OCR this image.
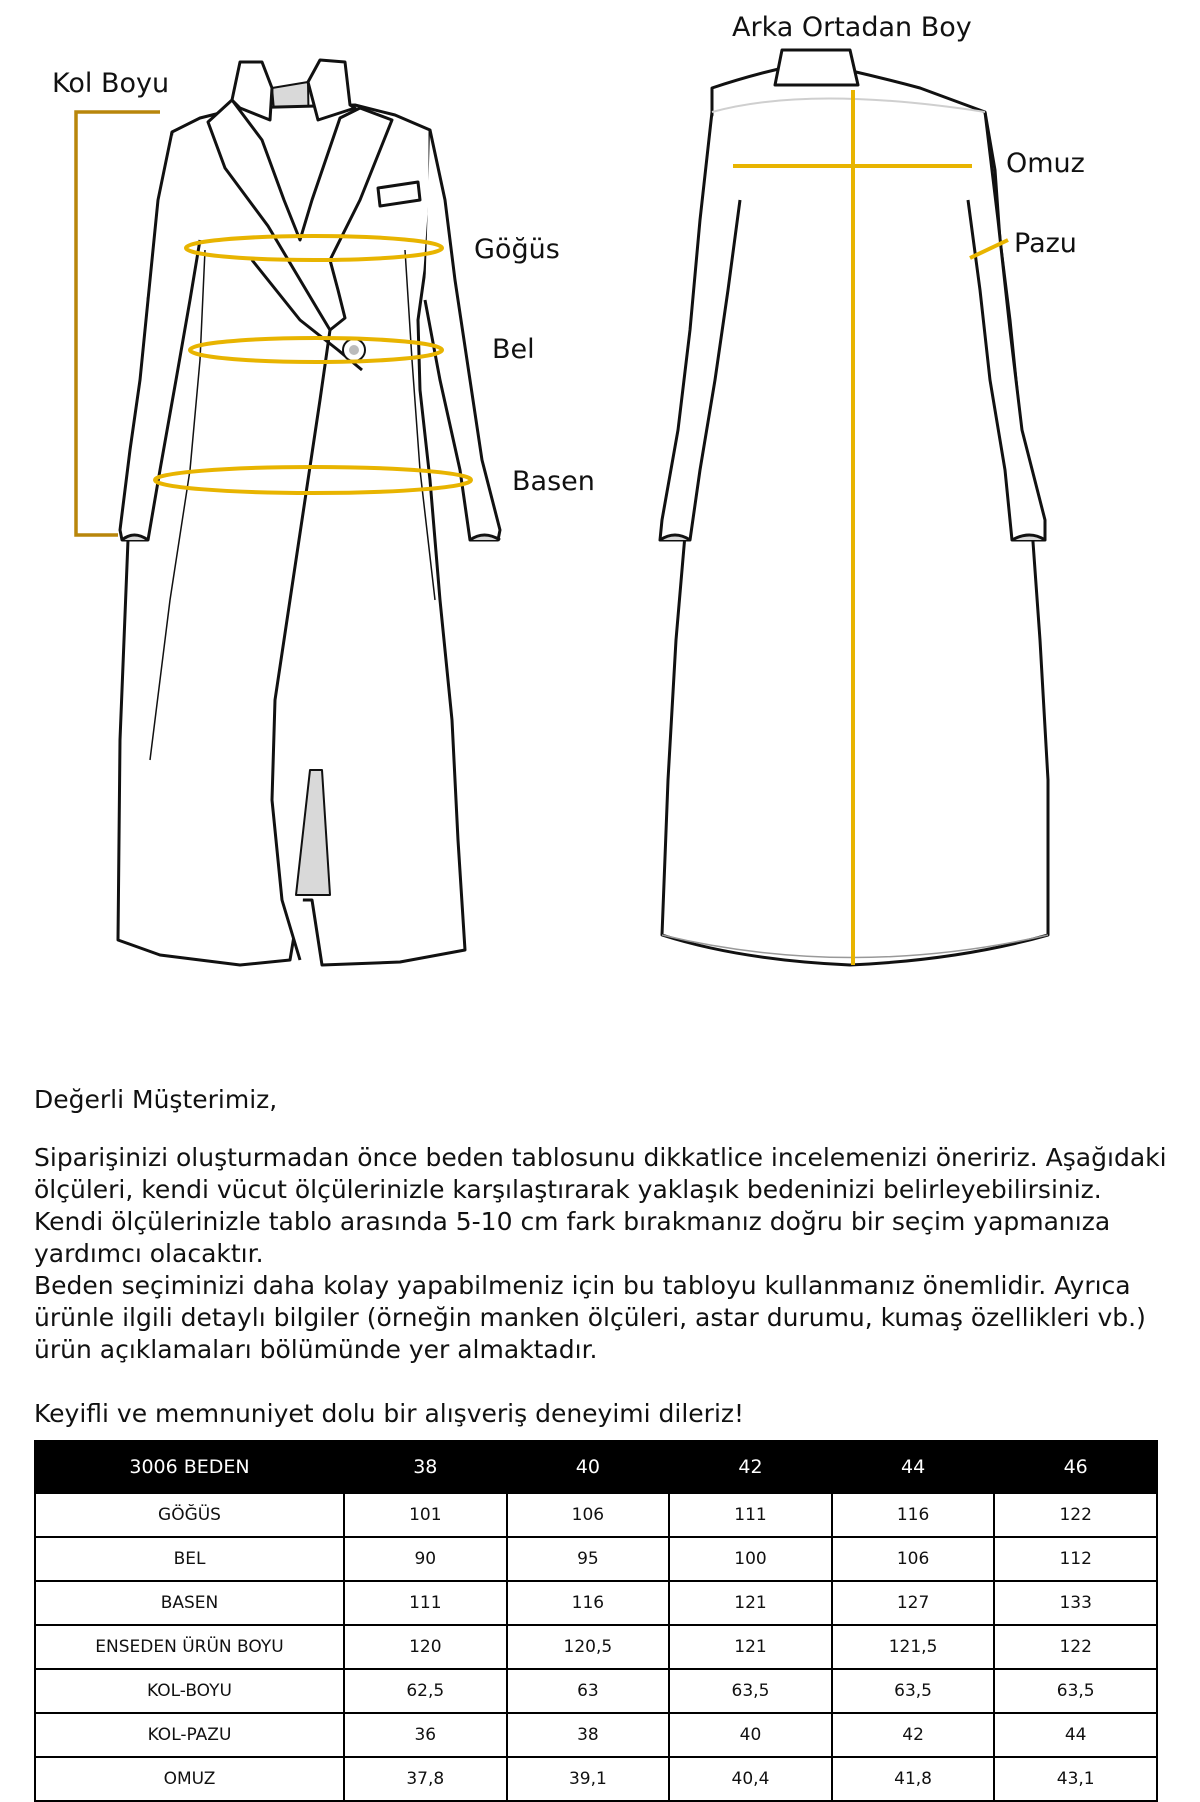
Kol Boyu
Göğüs
Bel
Basen
Arka Ortadan Boy
Omuz
Pazu

Değerli Müşterimiz,

Siparişinizi oluşturmadan önce beden tablosunu dikkatlice incelemenizi öneririz. Aşağıdaki ölçüleri, kendi vücut ölçülerinizle karşılaştırarak yaklaşık bedeninizi belirleyebilirsiniz. Kendi ölçülerinizle tablo arasında 5-10 cm fark bırakmanız doğru bir seçim yapmanıza yardımcı olacaktır.

Beden seçiminizi daha kolay yapabilmeniz için bu tabloyu kullanmanız önemlidir. Ayrıca ürünle ilgili detaylı bilgiler (örneğin manken ölçüleri, astar durumu, kumaş özellikleri vb.) ürün açıklamaları bölümünde yer almaktadır.

Keyifli ve memnuniyet dolu bir alışveriş deneyimi dileriz!

3006 BEDEN	38	40	42	44	46
GÖĞÜS	101	106	111	116	122
BEL	90	95	100	106	112
BASEN	111	116	121	127	133
ENSEDEN ÜRÜN BOYU	120	120,5	121	121,5	122
KOL-BOYU	62,5	63	63,5	63,5	63,5
KOL-PAZU	36	38	40	42	44
OMUZ	37,8	39,1	40,4	41,8	43,1
